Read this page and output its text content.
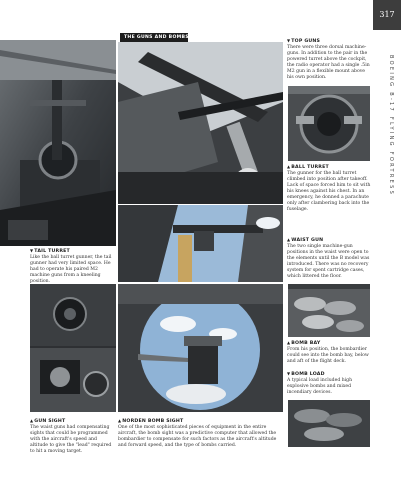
317
BOEING B-17 FLYING FORTRESS
THE GUNS AND BOMBS
▼TOP GUNS
There were three dorsal machine-guns. In addition to the pair in the powered turret above the cockpit, the radio operator had a single .5in M2 gun in a flexible mount above his own position.
▲BALL TURRET
The gunner for the ball turret climbed into position after takeoff. Lack of space forced him to sit with his knees against his chest. In an emergency, he donned a parachute only after clambering back into the fuselage.
▲WAIST GUN
The two single machine-gun positions in the waist were open to the elements until the B model was introduced. There was no recovery system for spent cartridge cases, which littered the floor.
▼TAIL TURRET
Like the ball turret gunner, the tail gunner had very limited space. He had to operate his paired M2 machine guns from a kneeling position.
▲BOMB BAY
From his position, the bombardier could see into the bomb bay, below and aft of the flight deck.
▼BOMB LOAD
A typical load included high explosive bombs and mixed incendiary devices.
▲GUN SIGHT
The waist guns had compensating sights that could be programmed with the aircraft's speed and altitude to give the "lead" required to hit a moving target.
▲NORDEN BOMB SIGHT
One of the most sophisticated pieces of equipment in the entire aircraft, the bomb sight was a predictive computer that allowed the bombardier to compensate for such factors as the aircraft's altitude and forward speed, and the type of bombs carried.
